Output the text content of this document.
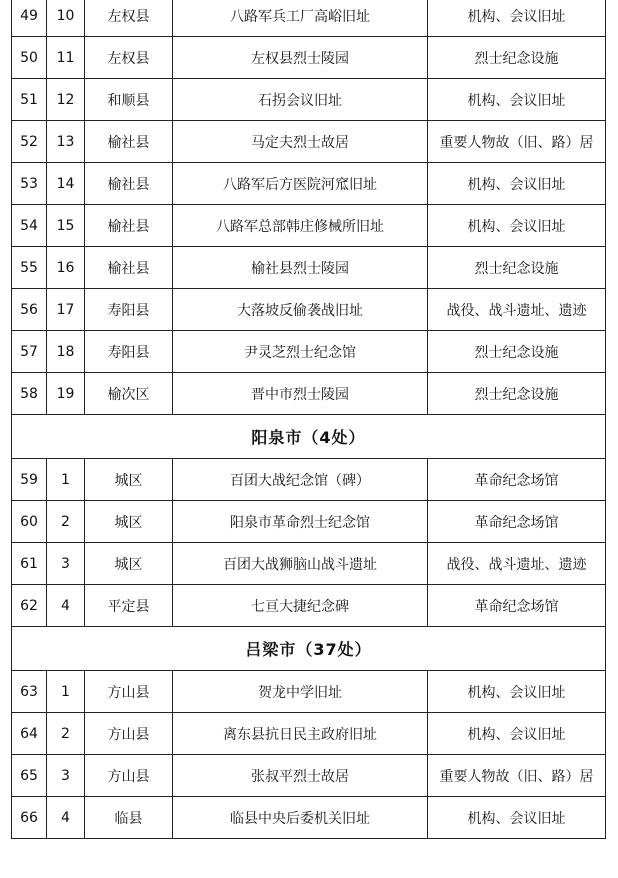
49	10	左权县	八路军兵工厂高峪旧址	机构、会议旧址
50	11	左权县	左权县烈士陵园	烈士纪念设施
51	12	和顺县	石拐会议旧址	机构、会议旧址
52	13	榆社县	马定夫烈士故居	重要人物故（旧、路）居
53	14	榆社县	八路军后方医院河窊旧址	机构、会议旧址
54	15	榆社县	八路军总部韩庄修械所旧址	机构、会议旧址
55	16	榆社县	榆社县烈士陵园	烈士纪念设施
56	17	寿阳县	大落坡反偷袭战旧址	战役、战斗遗址、遗迹
57	18	寿阳县	尹灵芝烈士纪念馆	烈士纪念设施
58	19	榆次区	晋中市烈士陵园	烈士纪念设施
阳泉市（4处）				
59	1	城区	百团大战纪念馆（碑）	革命纪念场馆
60	2	城区	阳泉市革命烈士纪念馆	革命纪念场馆
61	3	城区	百团大战狮脑山战斗遗址	战役、战斗遗址、遗迹
62	4	平定县	七亘大捷纪念碑	革命纪念场馆
吕梁市（37处）				
63	1	方山县	贺龙中学旧址	机构、会议旧址
64	2	方山县	离东县抗日民主政府旧址	机构、会议旧址
65	3	方山县	张叔平烈士故居	重要人物故（旧、路）居
66	4	临县	临县中央后委机关旧址	机构、会议旧址
